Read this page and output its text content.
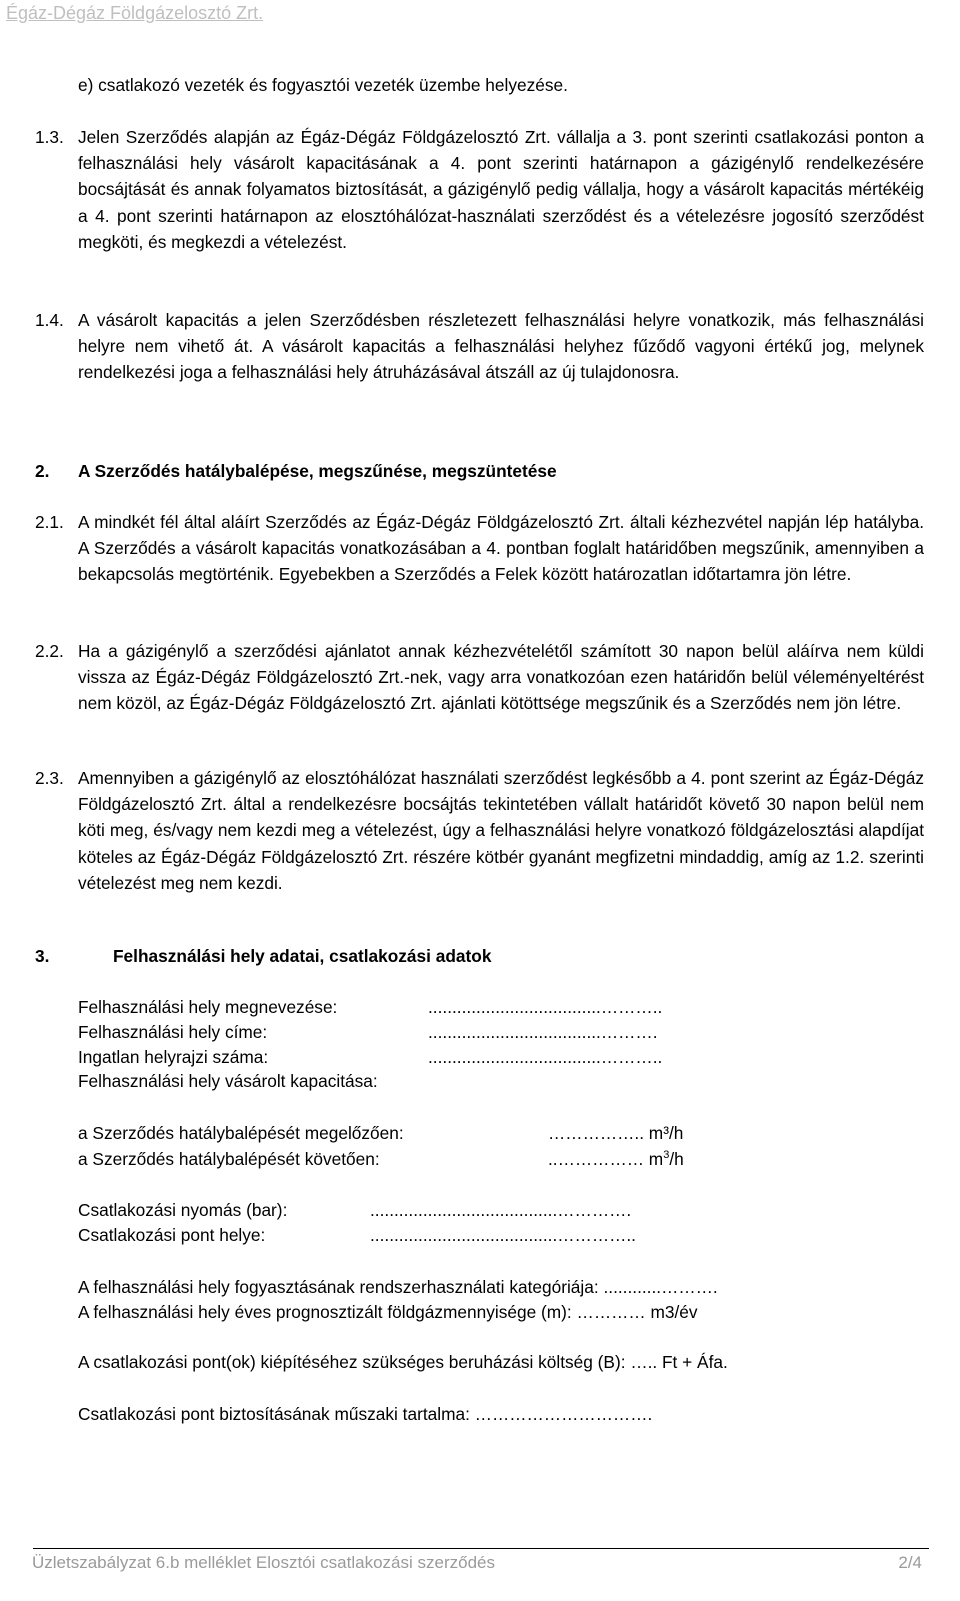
Égáz-Dégáz Földgázelosztó Zrt.
e) csatlakozó vezeték és fogyasztói vezeték üzembe helyezése.
1.3. Jelen Szerződés alapján az Égáz-Dégáz Földgázelosztó Zrt. vállalja a 3. pont szerinti csatlakozási ponton a felhasználási hely vásárolt kapacitásának a 4. pont szerinti határnapon a gázigénylő rendelkezésére bocsájtását és annak folyamatos biztosítását, a gázigénylő pedig vállalja, hogy a vásárolt kapacitás mértékéig a 4. pont szerinti határnapon az elosztóhálózat-használati szerződést és a vételezésre jogosító szerződést megköti, és megkezdi a vételezést.
1.4. A vásárolt kapacitás a jelen Szerződésben részletezett felhasználási helyre vonatkozik, más felhasználási helyre nem vihető át. A vásárolt kapacitás a felhasználási helyhez fűződő vagyoni értékű jog, melynek rendelkezési joga a felhasználási hely átruházásával átszáll az új tulajdonosra.
2. A Szerződés hatálybalépése, megszűnése, megszüntetése
2.1. A mindkét fél által aláírt Szerződés az Égáz-Dégáz Földgázelosztó Zrt. általi kézhezvétel napján lép hatályba. A Szerződés a vásárolt kapacitás vonatkozásában a 4. pontban foglalt határidőben megszűnik, amennyiben a bekapcsolás megtörténik. Egyebekben a Szerződés a Felek között határozatlan időtartamra jön létre.
2.2. Ha a gázigénylő a szerződési ajánlatot annak kézhezvételétől számított 30 napon belül aláírva nem küldi vissza az Égáz-Dégáz Földgázelosztó Zrt.-nek, vagy arra vonatkozóan ezen határidőn belül véleményeltérést nem közöl, az Égáz-Dégáz Földgázelosztó Zrt. ajánlati kötöttsége megszűnik és a Szerződés nem jön létre.
2.3. Amennyiben a gázigénylő az elosztóhálózat használati szerződést legkésőbb a 4. pont szerint az Égáz-Dégáz Földgázelosztó Zrt. által a rendelkezésre bocsájtás tekintetében vállalt határidőt követő 30 napon belül nem köti meg, és/vagy nem kezdi meg a vételezést, úgy a felhasználási helyre vonatkozó földgázelosztási alapdíjat köteles az Égáz-Dégáz Földgázelosztó Zrt. részére kötbér gyanánt megfizetni mindaddig, amíg az 1.2. szerinti vételezést meg nem kezdi.
3.	Felhasználási hely adatai, csatlakozási adatok
Felhasználási hely megnevezése:	....................................………..
Felhasználási hely címe:	....................................……….
Ingatlan helyrajzi száma:	....................................………..
Felhasználási hely vásárolt kapacitása:
a Szerződés hatálybalépését megelőzően:	…………….. m³/h
a Szerződés hatálybalépését követően:	..…………… $m^3/h$
Csatlakozási nyomás (bar):	.......................................………….
Csatlakozási pont helye:	.......................................…………..
A felhasználási hely fogyasztásának rendszerhasználati kategóriája: ............……….
A felhasználási hely éves prognosztizált földgázmennyisége (m): ………… m3/év
A csatlakozási pont(ok) kiépítéséhez szükséges beruházási költség (B): ….. Ft + Áfa.
Csatlakozási pont biztosításának műszaki tartalma: ………………………….
Üzletszabályzat 6.b melléklet Elosztói csatlakozási szerződés	2/4
